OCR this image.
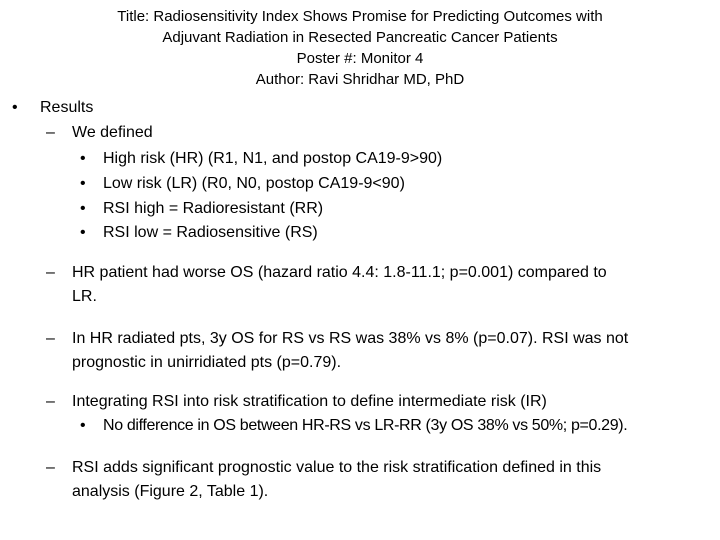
Title: Radiosensitivity Index Shows Promise for Predicting Outcomes with
Adjuvant Radiation in Resected Pancreatic Cancer Patients
Poster #: Monitor 4
Author: Ravi Shridhar MD, PhD
• Results
– We defined
• High risk (HR) (R1, N1, and postop CA19-9>90)
• Low risk (LR) (R0, N0, postop CA19-9<90)
• RSI high = Radioresistant (RR)
• RSI low = Radiosensitive (RS)
– HR patient had worse OS (hazard ratio 4.4: 1.8-11.1; p=0.001) compared to
LR.
– In HR radiated pts, 3y OS for RS vs RS was 38% vs 8% (p=0.07). RSI was not
prognostic in unirridiated pts (p=0.79).
– Integrating RSI into risk stratification to define intermediate risk (IR)
• No difference in OS between HR-RS vs LR-RR (3y OS 38% vs 50%; p=0.29).
– RSI adds significant prognostic value to the risk stratification defined in this
analysis (Figure 2, Table 1).
